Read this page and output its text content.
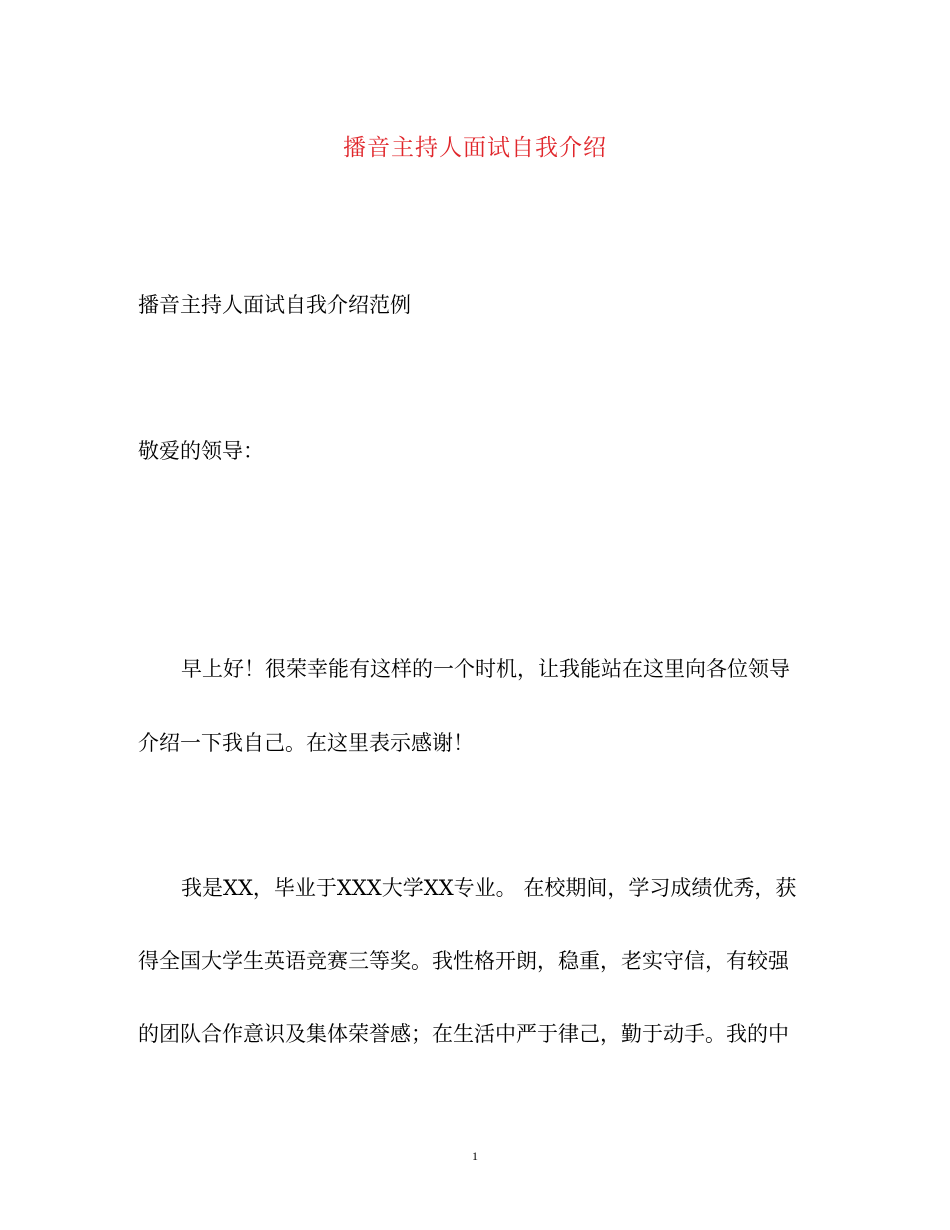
播音主持人面试自我介绍
播音主持人面试自我介绍范例
敬爱的领导：
早上好！很荣幸能有这样的一个时机，让我能站在这里向各位领导
介绍一下我自己。在这里表示感谢！
我是XX，毕业于XXX大学XX专业。 在校期间，学习成绩优秀，获
得全国大学生英语竞赛三等奖。我性格开朗，稳重，老实守信，有较强
的团队合作意识及集体荣誉感；在生活中严于律己，勤于动手。我的中
1
